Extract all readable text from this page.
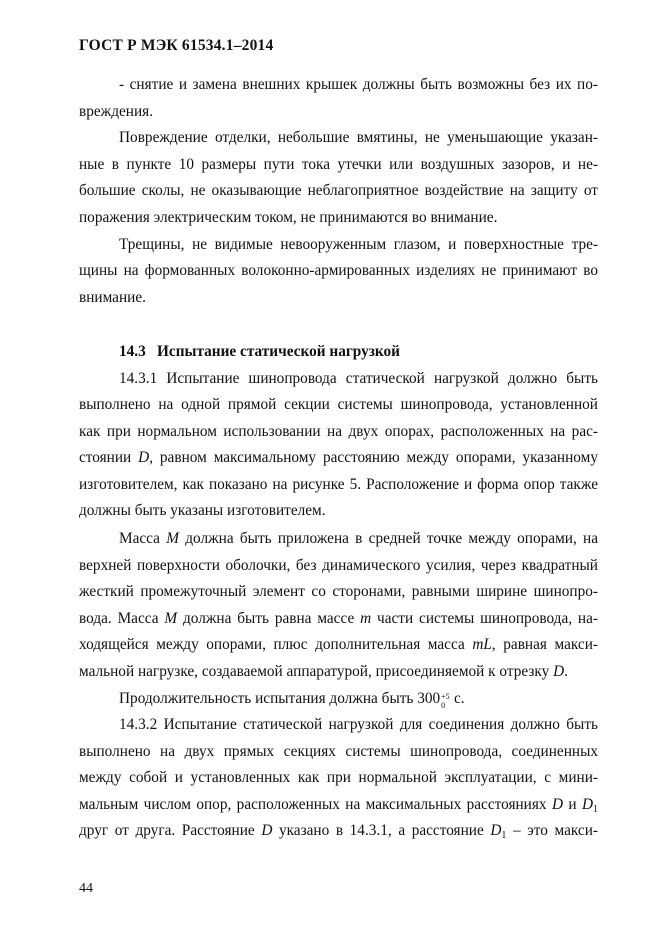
ГОСТ Р МЭК 61534.1–2014
- снятие и замена внешних крышек должны быть возможны без их по-
вреждения.
Повреждение отделки, небольшие вмятины, не уменьшающие указан-
ные в пункте 10 размеры пути тока утечки или воздушных зазоров, и не-
большие сколы, не оказывающие неблагоприятное воздействие на защиту от
поражения электрическим током, не принимаются во внимание.
Трещины, не видимые невооруженным глазом, и поверхностные тре-
щины на формованных волоконно-армированных изделиях не принимают во
внимание.
14.3 Испытание статической нагрузкой
14.3.1 Испытание шинопровода статической нагрузкой должно быть
выполнено на одной прямой секции системы шинопровода, установленной
как при нормальном использовании на двух опорах, расположенных на рас-
стоянии D, равном максимальному расстоянию между опорами, указанному
изготовителем, как показано на рисунке 5. Расположение и форма опор также
должны быть указаны изготовителем.
Масса M должна быть приложена в средней точке между опорами, на
верхней поверхности оболочки, без динамического усилия, через квадратный
жесткий промежуточный элемент со сторонами, равными ширине шинопро-
вода. Масса M должна быть равна массе m части системы шинопровода, на-
ходящейся между опорами, плюс дополнительная масса mL, равная макси-
мальной нагрузке, создаваемой аппаратурой, присоединяемой к отрезку D.
Продолжительность испытания должна быть 300 +5
0 с.
14.3.2 Испытание статической нагрузкой для соединения должно быть
выполнено на двух прямых секциях системы шинопровода, соединенных
между собой и установленных как при нормальной эксплуатации, с мини-
мальным числом опор, расположенных на максимальных расстояниях D и $D_1$
друг от друга. Расстояние D указано в 14.3.1, а расстояние $D_1$ – это макси-
44
